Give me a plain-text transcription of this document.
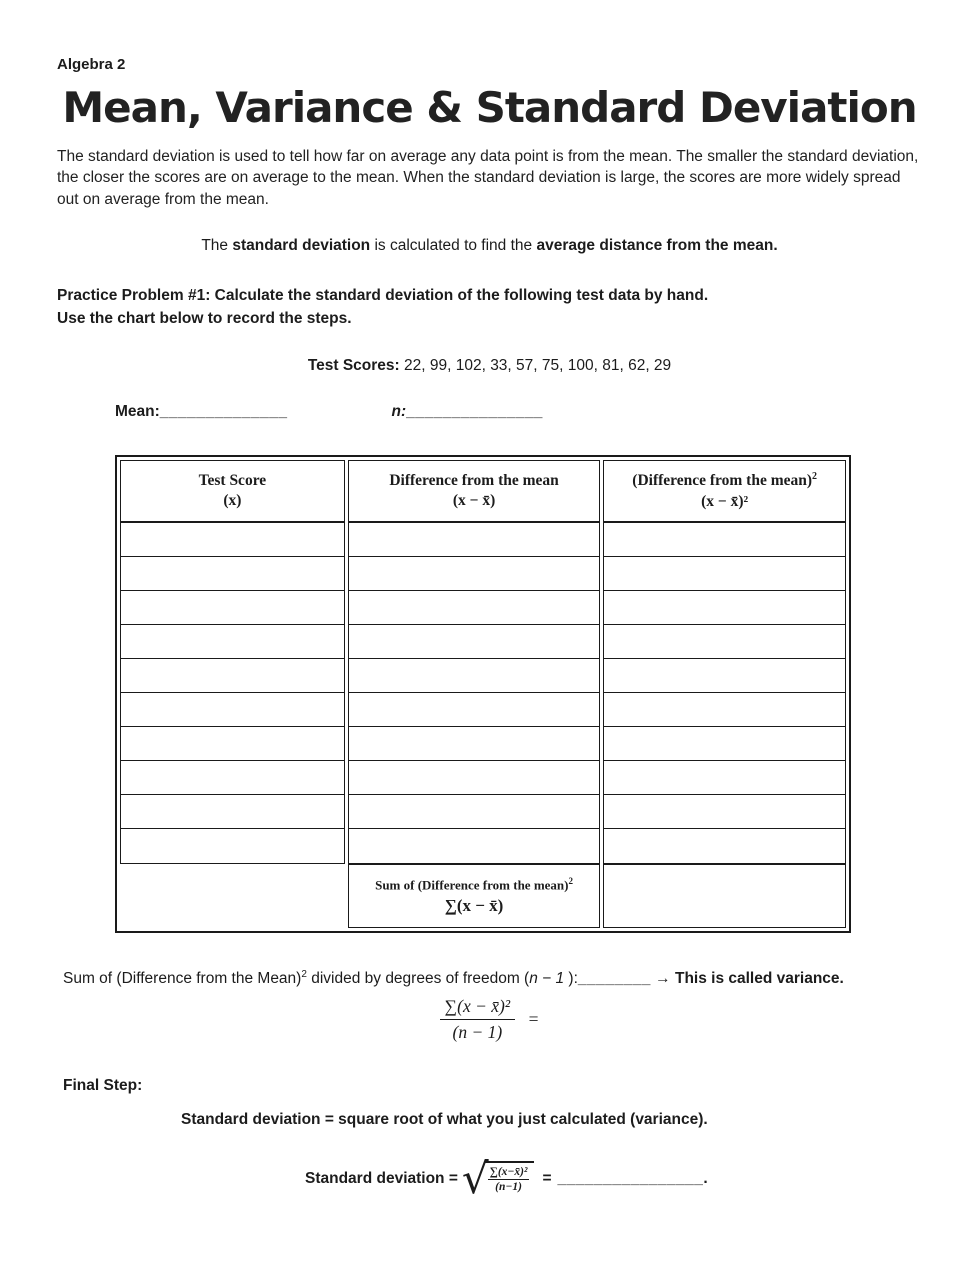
Algebra 2
Mean, Variance & Standard Deviation

The standard deviation is used to tell how far on average any data point is from the mean. The smaller the standard deviation, the closer the scores are on average to the mean. When the standard deviation is large, the scores are more widely spread out on average from the mean.

The standard deviation is calculated to find the average distance from the mean.
Practice Problem #1: Calculate the standard deviation of the following test data by hand.
Use the chart below to record the steps.
Test Scores: 22, 99, 102, 33, 57, 75, 100, 81, 62, 29
Mean: ______________	n:_______________
Test Score
(x)
Difference from the mean
(x − x̄)
Sum of (Difference from the mean)$^2$
∑(x − x̄)
(Difference from the mean)$^2$
(x − x̄)²
Sum of (Difference from the Mean)$^2$ divided by degrees of freedom (n − 1 ):________ → This is called variance.
$\frac{\text{∑(x − x̄)²}}{(n - 1)}$ =
Final Step:
Standard deviation = square root of what you just calculated (variance).
Standard deviation = √ $\frac{\text{∑(x−x̄)²}}{(n-1)}$ = ________________.
